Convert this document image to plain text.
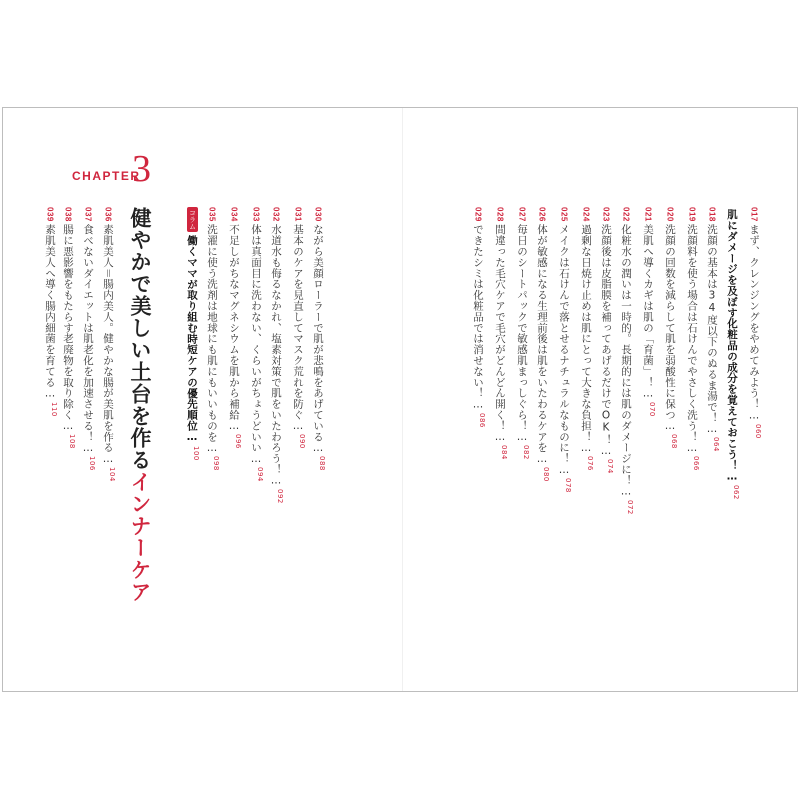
CHAPTER
3
039
素肌美人へ導く腸内細菌を育てる…
110
038
腸に悪影響をもたらす老廃物を取り除く…
108
037
食べないダイエットは肌老化を加速させる！…
106
036
素肌美人＝腸内美人。健やかな腸が美肌を作る…
104
健やかで美しい土台を作るインナーケア
コラム
働くママが取り組む時短ケアの優先順位…
100
035
洗濯に使う洗剤は地球にも肌にもいいものを…
098
034
不足しがちなマグネシウムを肌から補給…
096
033
体は真面目に洗わない、くらいがちょうどいい…
094
032
水道水も侮るなかれ、塩素対策で肌をいたわろう！…
092
031
基本のケアを見直してマスク荒れを防ぐ…
090
030
ながら美顔ローラーで肌が悲鳴をあげている…
088
029
できたシミは化粧品では消せない！…
086
028
間違った毛穴ケアで毛穴がどんどん開く！…
084
027
毎日のシートパックで敏感肌まっしぐら！…
082
026
体が敏感になる生理前後は肌をいたわるケアを…
080
025
メイクは石けんで落とせるナチュラルなものに！…
078
024
過剰な日焼け止めは肌にとって大きな負担！…
076
023
洗顔後は皮脂膜を補ってあげるだけでOK！…
074
022
化粧水の潤いは一時的。長期的には肌のダメージに！…
072
021
美肌へ導くカギは肌の「育菌」！…
070
020
洗顔の回数を減らして肌を弱酸性に保つ…
068
019
洗顔料を使う場合は石けんでやさしく洗う！…
066
018
洗顔の基本は34度以下のぬるま湯で！…
064 肌にダメージを及ぼす化粧品の成分を覚えておこう！…
062
017
まず、クレンジングをやめてみよう！…
060
